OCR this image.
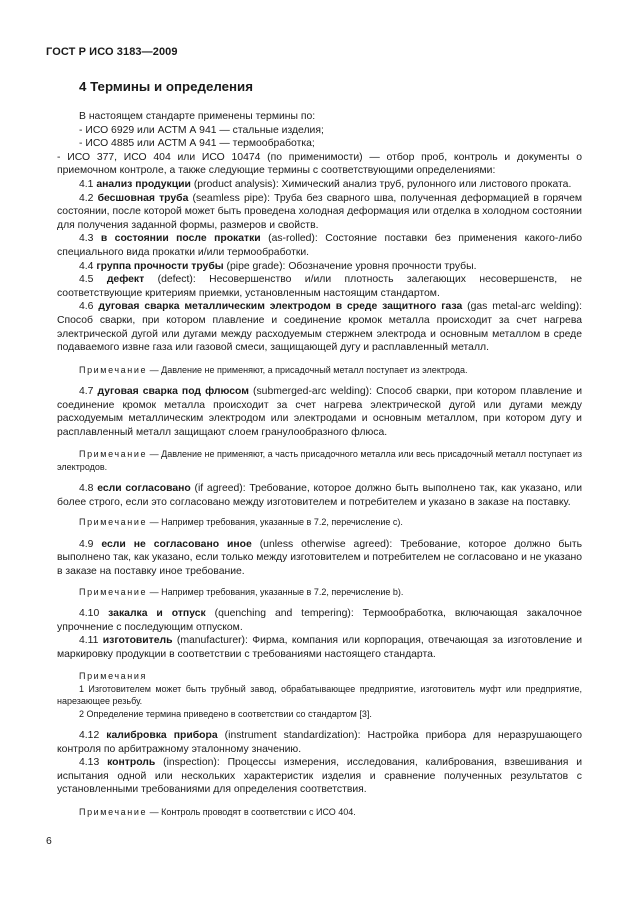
ГОСТ Р ИСО 3183—2009
4 Термины и определения

В настоящем стандарте применены термины по:

- ИСО 6929 или АСТМ А 941 — стальные изделия;

- ИСО 4885 или АСТМ А 941 — термообработка;

- ИСО 377, ИСО 404 или ИСО 10474 (по применимости) — отбор проб, контроль и документы о приемочном контроле, а также следующие термины с соответствующими определениями:

4.1 анализ продукции (product analysis): Химический анализ труб, рулонного или листового проката.

4.2 бесшовная труба (seamless pipe): Труба без сварного шва, полученная деформацией в горячем состоянии, после которой может быть проведена холодная деформация или отделка в холодном состоянии для получения заданной формы, размеров и свойств.

4.3 в состоянии после прокатки (as-rolled): Состояние поставки без применения какого-либо специального вида прокатки и/или термообработки.

4.4 группа прочности трубы (pipe grade): Обозначение уровня прочности трубы.

4.5 дефект (defect): Несовершенство и/или плотность залегающих несовершенств, не соответствующие критериям приемки, установленным настоящим стандартом.

4.6 дуговая сварка металлическим электродом в среде защитного газа (gas metal-arc welding): Способ сварки, при котором плавление и соединение кромок металла происходит за счет нагрева электрической дугой или дугами между расходуемым стержнем электрода и основным металлом в среде подаваемого извне газа или газовой смеси, защищающей дугу и расплавленный металл.

Примечание — Давление не применяют, а присадочный металл поступает из электрода.

4.7 дуговая сварка под флюсом (submerged-arc welding): Способ сварки, при котором плавление и соединение кромок металла происходит за счет нагрева электрической дугой или дугами между расходуемым металлическим электродом или электродами и основным металлом, при котором дугу и расплавленный металл защищают слоем гранулообразного флюса.

Примечание — Давление не применяют, а часть присадочного металла или весь присадочный металл поступает из электродов.

4.8 если согласовано (if agreed): Требование, которое должно быть выполнено так, как указано, или более строго, если это согласовано между изготовителем и потребителем и указано в заказе на поставку.

Примечание — Например требования, указанные в 7.2, перечисление с).

4.9 если не согласовано иное (unless otherwise agreed): Требование, которое должно быть выполнено так, как указано, если только между изготовителем и потребителем не согласовано и не указано в заказе на поставку иное требование.

Примечание — Например требования, указанные в 7.2, перечисление b).

4.10 закалка и отпуск (quenching and tempering): Термообработка, включающая закалочное упрочнение с последующим отпуском.

4.11 изготовитель (manufacturer): Фирма, компания или корпорация, отвечающая за изготовление и маркировку продукции в соответствии с требованиями настоящего стандарта.

Примечания

1 Изготовителем может быть трубный завод, обрабатывающее предприятие, изготовитель муфт или предприятие, нарезающее резьбу.

2 Определение термина приведено в соответствии со стандартом [3].

4.12 калибровка прибора (instrument standardization): Настройка прибора для неразрушающего контроля по арбитражному эталонному значению.

4.13 контроль (inspection): Процессы измерения, исследования, калибрования, взвешивания и испытания одной или нескольких характеристик изделия и сравнение полученных результатов с установленными требованиями для определения соответствия.

Примечание — Контроль проводят в соответствии с ИСО 404.

6
